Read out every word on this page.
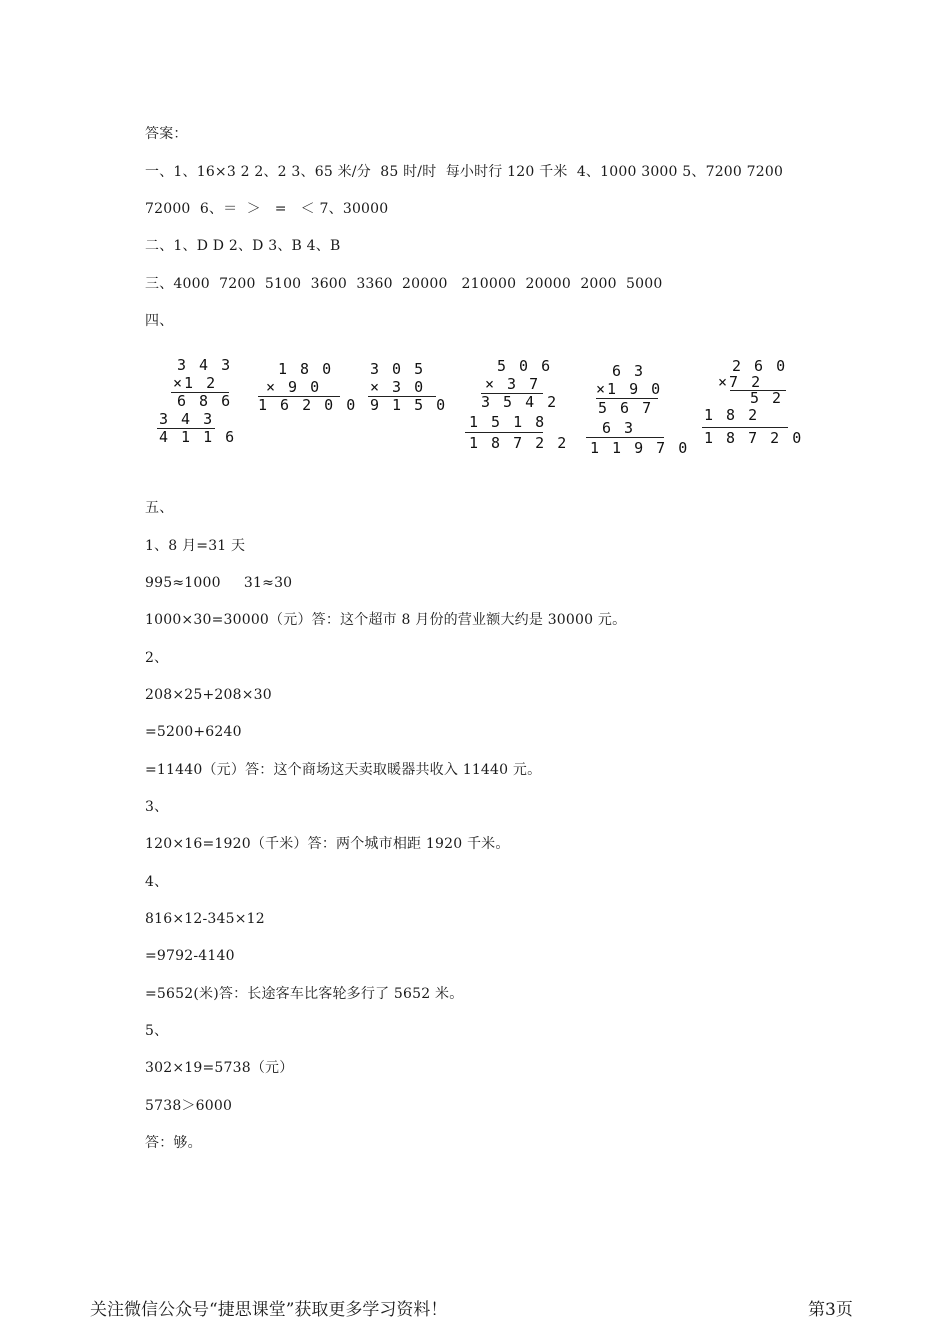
答案：
一、1、16×3 2 2、2 3、65 米/分  85 时/时  每小时行 120 千米  4、1000 3000 5、7200 7200
72000  6、＝  ＞   =   ＜ 7、30000
二、1、D D 2、D 3、B 4、B
三、4000  7200  5100  3600  3360  20000   210000  20000  2000  5000
四、
3 4 3
×1 2
6 8 6
3 4 3
4 1 1 6
1 8 0
× 9 0
1 6 2 0 0
3 0 5
× 3 0
9 1 5 0
5 0 6
× 3 7
3 5 4 2
1 5 1 8
1 8 7 2 2
6 3
×1 9 0
5 6 7
6 3
1 1 9 7 0
2 6 0
×7 2
5 2
1 8 2
1 8 7 2 0
五、
1、8 月=31 天
995≈1000     31≈30
1000×30=30000（元）答：这个超市 8 月份的营业额大约是 30000 元。
2、
208×25+208×30
=5200+6240
=11440（元）答：这个商场这天卖取暖器共收入 11440 元。
3、
120×16=1920（千米）答：两个城市相距 1920 千米。
4、
816×12-345×12
=9792-4140
=5652(米)答：长途客车比客轮多行了 5652 米。
5、
302×19=5738（元）
5738＞6000
答：够。
关注微信公众号“捷思课堂”获取更多学习资料！	第3页
